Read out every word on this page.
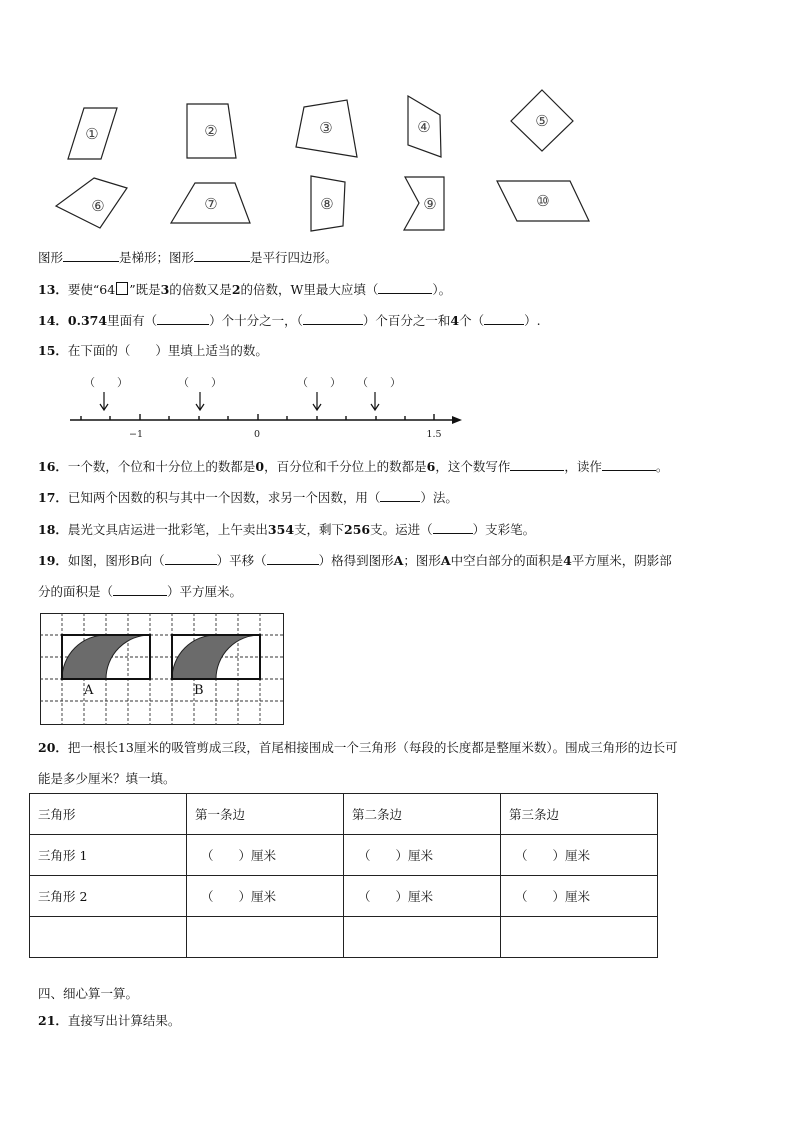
①	②	③	④	⑤
⑥	⑦	⑧	⑨	⑩
图形	是梯形；图形	是平行四边形。
13．要使“64 ”既是3的倍数又是2的倍数，W里最大应填（	）。
14．0.374里面有（	）个十分之一，（	）个百分之一和4个（	）.
15．在下面的（　　）里填上适当的数。
（　　）	（　　）	（　　） （　　）
−1	0	1.5
16．一个数，个位和十分位上的数都是0，百分位和千分位上的数都是6，这个数写作	，读作	。
17．已知两个因数的积与其中一个因数，求另一个因数，用（	）法。
18．晨光文具店运进一批彩笔，上午卖出354支，剩下256支。运进（	）支彩笔。
19．如图，图形B向（	）平移（	）格得到图形A；图形A中空白部分的面积是4平方厘米，阴影部
分的面积是（	）平方厘米。
A	B
20．把一根长13厘米的吸管剪成三段，首尾相接围成一个三角形（每段的长度都是整厘米数）。围成三角形的边长可
能是多少厘米？填一填。
三角形	第一条边	第二条边	第三条边
三角形 1	（　　）厘米	（　　）厘米	（　　）厘米
三角形 2	（　　）厘米	（　　）厘米	（　　）厘米

四、细心算一算。
21．直接写出计算结果。
